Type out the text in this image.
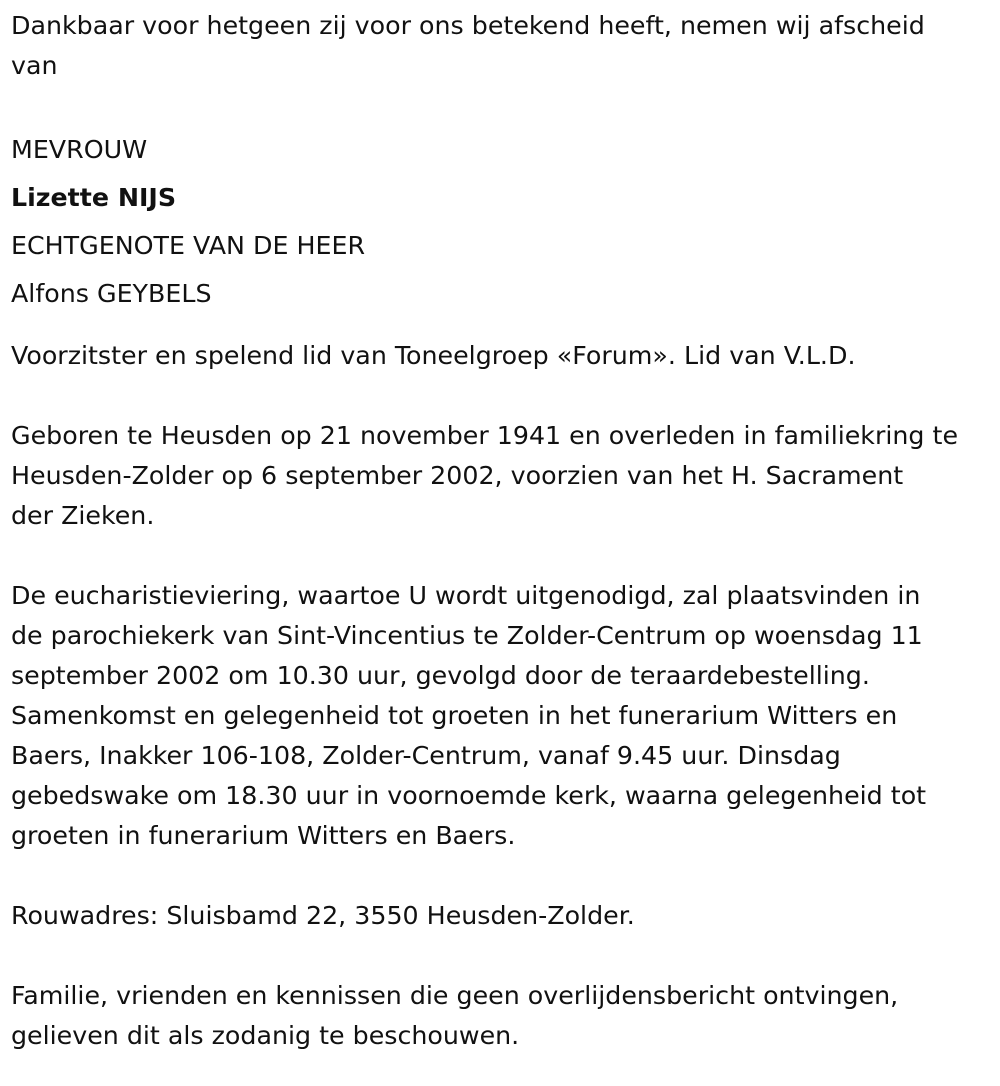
Dankbaar voor hetgeen zij voor ons betekend heeft, nemen wij afscheid

van

MEVROUW

Lizette NIJS

ECHTGENOTE VAN DE HEER

Alfons GEYBELS

Voorzitster en spelend lid van Toneelgroep «Forum». Lid van V.L.D.

Geboren te Heusden op 21 november 1941 en overleden in familiekring te

Heusden-Zolder op 6 september 2002, voorzien van het H. Sacrament

der Zieken.

De eucharistieviering, waartoe U wordt uitgenodigd, zal plaatsvinden in

de parochiekerk van Sint-Vincentius te Zolder-Centrum op woensdag 11

september 2002 om 10.30 uur, gevolgd door de teraardebestelling.

Samenkomst en gelegenheid tot groeten in het funerarium Witters en

Baers, Inakker 106-108, Zolder-Centrum, vanaf 9.45 uur. Dinsdag

gebedswake om 18.30 uur in voornoemde kerk, waarna gelegenheid tot

groeten in funerarium Witters en Baers.

Rouwadres: Sluisbamd 22, 3550 Heusden-Zolder.

Familie, vrienden en kennissen die geen overlijdensbericht ontvingen,

gelieven dit als zodanig te beschouwen.
